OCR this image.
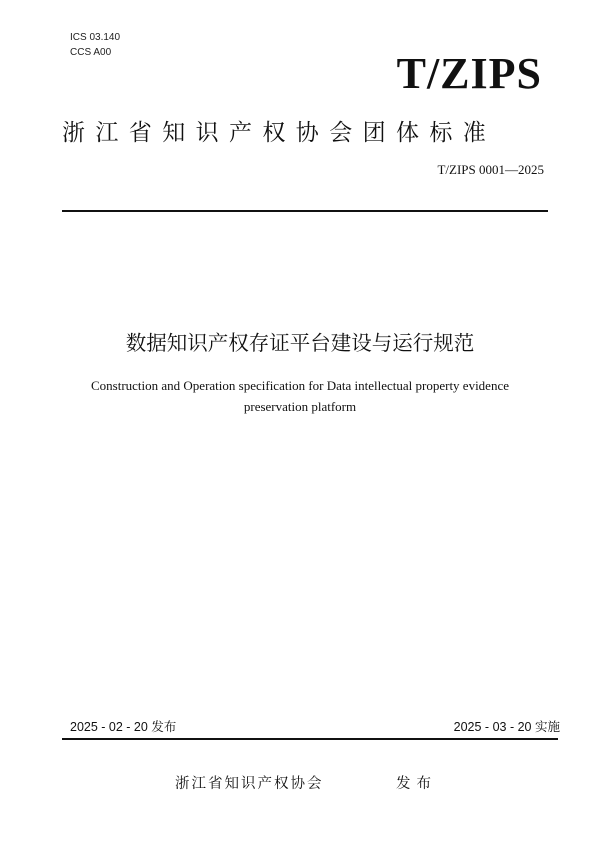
ICS 03.140
CCS A00	T/ZIPS
浙江省知识产权协会团体标准
T/ZIPS 0001—2025
数据知识产权存证平台建设与运行规范
Construction and Operation specification for Data intellectual property evidence
preservation platform
2025 - 02 - 20 发布	2025 - 03 - 20 实施
浙江省知识产权协会	发布
